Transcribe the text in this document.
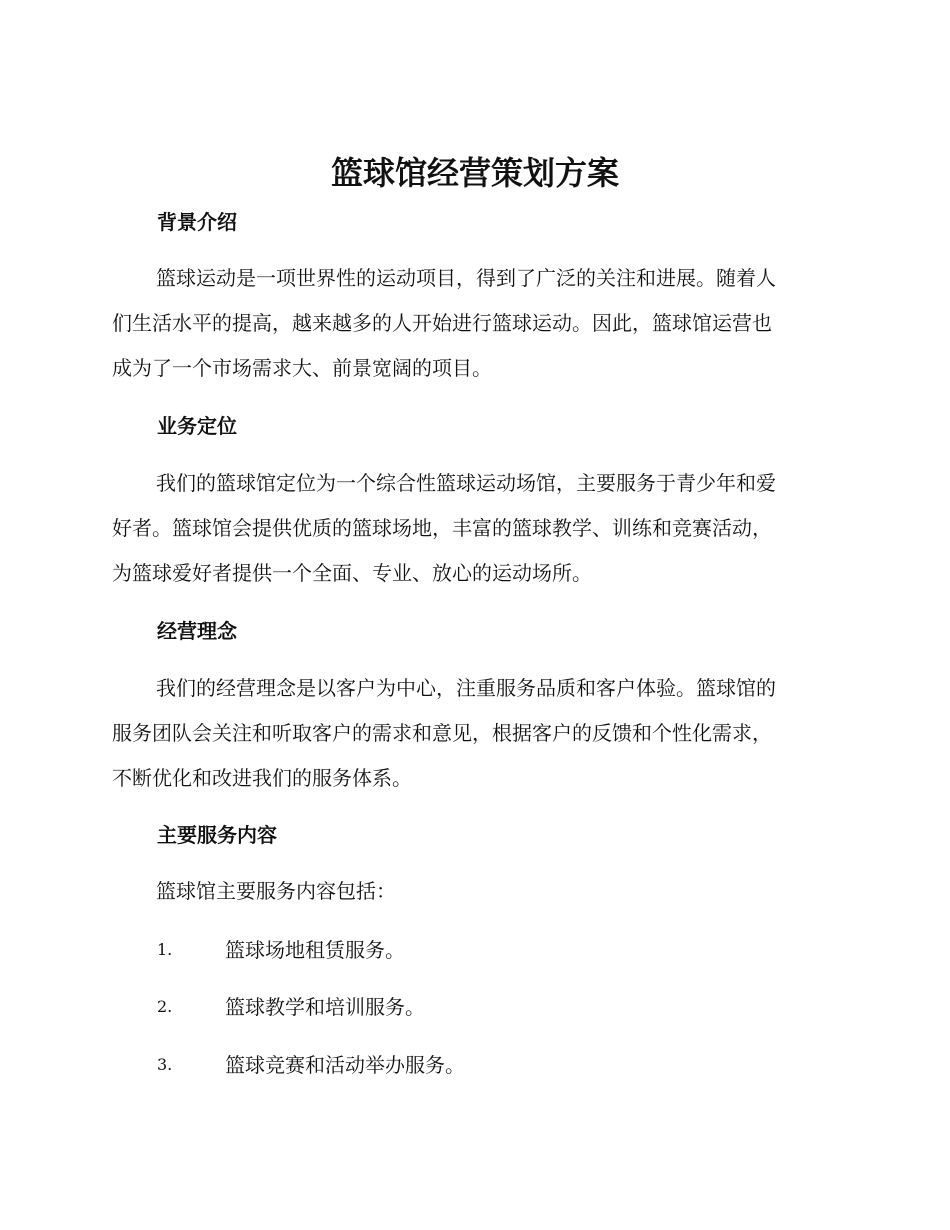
篮球馆经营策划方案
背景介绍
篮球运动是一项世界性的运动项目，得到了广泛的关注和进展。随着人
们生活水平的提高，越来越多的人开始进行篮球运动。因此，篮球馆运营也
成为了一个市场需求大、前景宽阔的项目。
业务定位
我们的篮球馆定位为一个综合性篮球运动场馆，主要服务于青少年和爱
好者。篮球馆会提供优质的篮球场地，丰富的篮球教学、训练和竞赛活动，
为篮球爱好者提供一个全面、专业、放心的运动场所。
经营理念
我们的经营理念是以客户为中心，注重服务品质和客户体验。篮球馆的
服务团队会关注和听取客户的需求和意见，根据客户的反馈和个性化需求，
不断优化和改进我们的服务体系。
主要服务内容
篮球馆主要服务内容包括：
1.	篮球场地租赁服务。
2.	篮球教学和培训服务。
3.	篮球竞赛和活动举办服务。
